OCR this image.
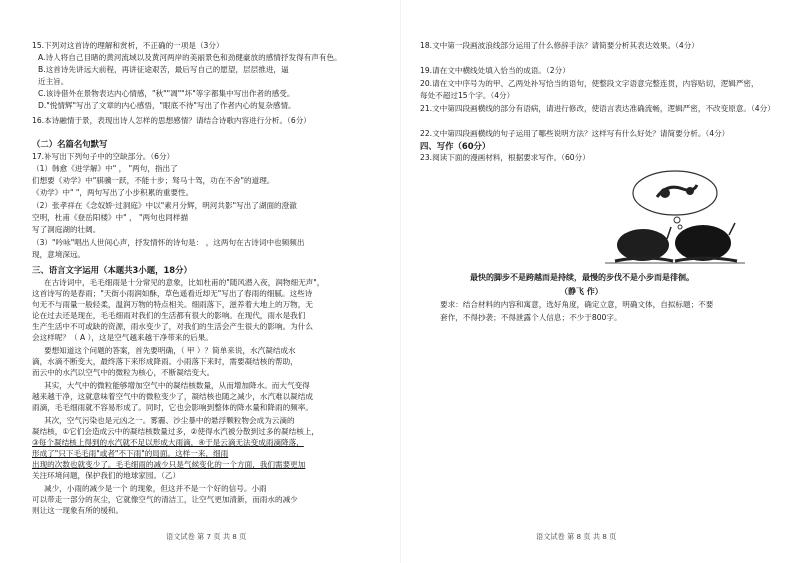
15.下列对这首诗的理解和赏析，不正确的一项是（3分）
A.诗人将自己目睹的黄河流域以及黄河两岸的美丽景色和劲健豪放的感情抒发得有声有色。
B.这首诗先讲远大前程，再讲征途艰苦，最后写自己的愿望，层层推进，逼
近主旨。
C.该诗借外在景物表达内心情感，"秋""凋""坏"等字都集中写出作者的感受。
D."悦情辉"写出了文章的内心感悟，"眼底不待"写出了作者内心的复杂感情。
16.本诗融情于景，表现出诗人怎样的思想感情？请结合诗歌内容进行分析。（6分）
（二）名篇名句默写
17.补写出下列句子中的空缺部分。（6分）
（1）韩愈《进学解》中" ， "两句，指出了
们想要《劝学》中"骐骥一跃，不能十步；驽马十驾，功在不舍"的道理。
《劝学》中" "，两句写出了小步积累的重要性。
（2）张孝祥在《念奴娇·过洞庭》中以"素月分辉，明河共影"写出了湖面的澄澈
空明，杜甫《登岳阳楼》中" ， "两句也同样描
写了洞庭湖的壮阔。
（3）"吟咏"唱出人世间心声，抒发情怀的诗句是： ，这两句在古诗词中也频频出
现，意境深远。
三、语言文字运用（本题共3小题，18分）
在古诗词中，毛毛细雨是十分常见的意象，比如杜甫的"随风潜入夜，润物细无声"，
这首诗写的是春雨；"天街小雨润如酥，草色遥看近却无"写出了春雨的细腻。这些诗
句无不与雨量一般轻柔，温润万物的特点相关。细雨落下，滋养着大地上的万物，无
论在过去还是现在，毛毛细雨对我们的生活都有很大的影响。在现代，雨水是我们
生产生活中不可或缺的资源，雨水变少了，对我们的生活会产生很大的影响。为什么
会这样呢？（ A ），这是空气越来越干净带来的后果。
要想知道这个问题的答案，首先要明确，（ 甲 ）？简单来说，水汽凝结成水
滴，水滴不断变大，最终落下来形成降雨。小雨落下来时，需要凝结核的帮助，
而云中的水汽以空气中的微粒为核心，不断凝结变大。
其实，大气中的微粒能够增加空气中的凝结核数量，从而增加降水。而大气变得
越来越干净，这就意味着空气中的微粒变少了，凝结核也随之减少，水汽难以凝结成
雨滴，毛毛细雨就不容易形成了。同时，它也会影响到整体的降水量和降雨的频率。
其次，空气污染也是元凶之一。雾霾、沙尘暴中的悬浮颗粒物会成为云滴的
凝结核，①它们会造成云中的凝结核数量过多，②使得水汽被分散到过多的凝结核上，
③每个凝结核上得到的水汽就不足以形成大雨滴，④于是云滴无法变成雨滴降落，
形成了"只下毛毛雨"或者"不下雨"的局面。这样一来，细雨
出现的次数也就变少了。毛毛细雨的减少只是气候变化的一个方面，我们需要更加
关注环境问题，保护我们的地球家园。（乙）
减少，小雨的减少是一个 的现象，但这并不是一个好的信号。小雨
可以带走一部分的灰尘，它就像空气的清洁工，让空气更加清新，而雨水的减少
则让这一现象有所的缓和。
语文试卷 第 7 页 共 8 页
18.文中第一段画波浪线部分运用了什么修辞手法？请简要分析其表达效果。（4分）
19.请在文中横线处填入恰当的成语。（2分）
20.请在文中序号为的甲、乙两处补写恰当的语句，使整段文字语意完整连贯，内容贴切，逻辑严密，
每处不超过15个字。（4分）
21.文中第四段画横线的部分有语病，请进行修改，使语言表达准确流畅，逻辑严密，不改变原意。（4分）
22.文中第四段画横线的句子运用了哪些说明方法？这样写有什么好处？请简要分析。（4分）
四、写作（60分）
23.阅读下面的漫画材料，根据要求写作。（60分）
最快的脚步不是跨越而是持续，最慢的步伐不是小步而是徘徊。
（静飞 作）
要求：结合材料的内容和寓意，选好角度，确定立意，明确文体，自拟标题；不要
套作，不得抄袭；不得泄露个人信息；不少于800字。
语文试卷 第 8 页 共 8 页
